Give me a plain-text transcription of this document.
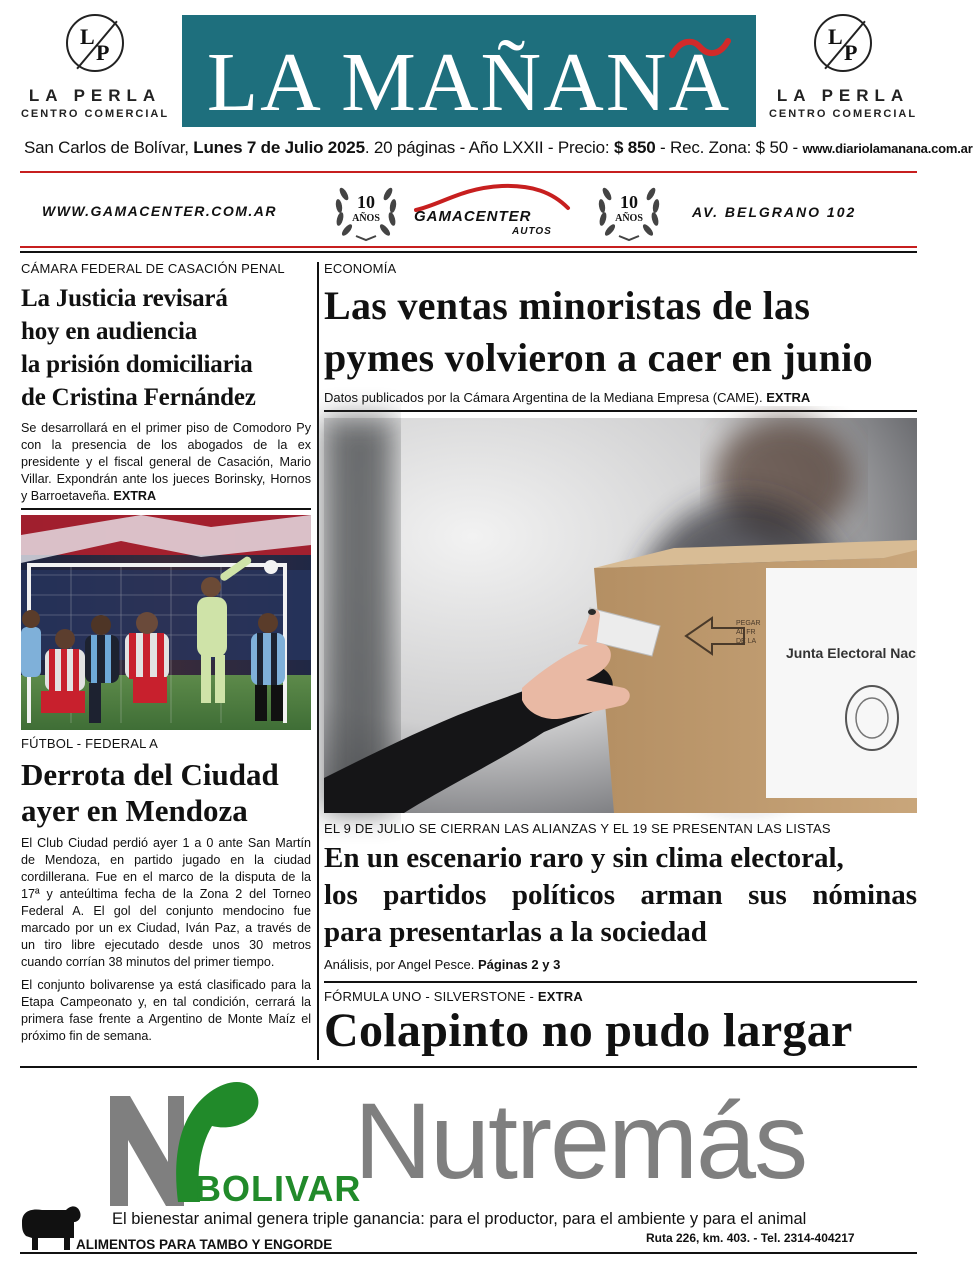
L
P
LA PERLA
CENTRO COMERCIAL LA MAÑANA	L
P
LA PERLA
CENTRO COMERCIAL
San Carlos de Bolívar, Lunes 7 de Julio 2025. 20 páginas - Año LXXII - Precio: $ 850 - Rec. Zona: $ 50 - www.diariolamanana.com.ar
WWW.GAMACENTER.COM.AR	10
AÑOS	GAMACENTER
AUTOS
10
AÑOS	AV. BELGRANO 102
CÁMARA FEDERAL DE CASACIÓN PENAL
La Justicia revisará
hoy en audiencia
la prisión domiciliaria
de Cristina Fernández

Se desarrollará en el primer piso de Comodoro Py con la presencia de los abogados de la ex presidente y el fiscal general de Casación, Mario Villar. Expondrán ante los jueces Borinsky, Hornos y Barroetaveña. EXTRA

FÚTBOL - FEDERAL A
Derrota del Ciudad
ayer en Mendoza

El Club Ciudad perdió ayer 1 a 0 ante San Martín de Mendoza, en partido jugado en la ciudad cordillerana. Fue en el marco de la disputa de la 17ª y anteúltima fecha de la Zona 2 del Torneo Federal A. El gol del conjunto mendocino fue marcado por un ex Ciudad, Iván Paz, a través de un tiro libre ejecutado desde unos 30 metros cuando corrían 38 minutos del primer tiempo.

El conjunto bolivarense ya está clasificado para la Etapa Campeonato y, en tal condición, cerrará la primera fase frente a Argentino de Monte Maíz el próximo fin de semana.

ECONOMÍA
Las ventas minoristas de las
pymes volvieron a caer en junio

Datos publicados por la Cámara Argentina de la Mediana Empresa (CAME). EXTRA

Junta Electoral Nac
PEGAR
AL FR
DE LA
EL 9 DE JULIO SE CIERRAN LAS ALIANZAS Y EL 19 SE PRESENTAN LAS LISTAS
En un escenario raro y sin clima electoral,
los partidos políticos arman sus nóminas
para presentarlas a la sociedad

Análisis, por Angel Pesce. Páginas 2 y 3

FÓRMULA UNO - SILVERSTONE - EXTRA
Colapinto no pudo largar
Nutremás
BOLIVAR
El bienestar animal genera triple ganancia: para el productor, para el ambiente y para el animal
ALIMENTOS PARA TAMBO Y ENGORDE	Ruta 226, km. 403. - Tel. 2314-404217
